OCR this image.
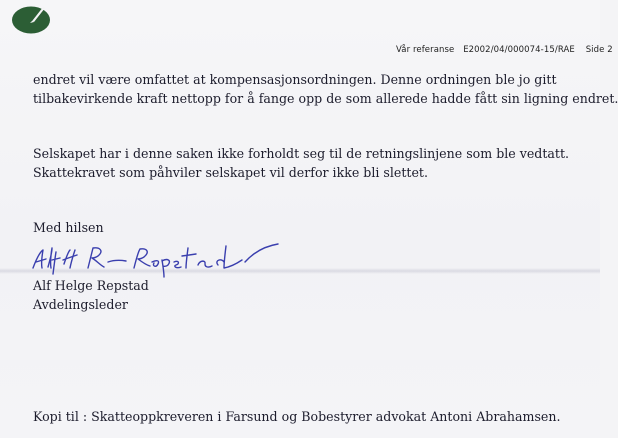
Vår referanse E2002/04/000074-15/RAE Side 2
endret vil være omfattet at kompensasjonsordningen. Denne ordningen ble jo gitt
tilbakevirkende kraft nettopp for å fange opp de som allerede hadde fått sin ligning endret.
Selskapet har i denne saken ikke forholdt seg til de retningslinjene som ble vedtatt.
Skattekravet som påhviler selskapet vil derfor ikke bli slettet.
Med hilsen
Alf Helge Repstad
Avdelingsleder
Kopi til : Skatteoppkreveren i Farsund og Bobestyrer advokat Antoni Abrahamsen.
